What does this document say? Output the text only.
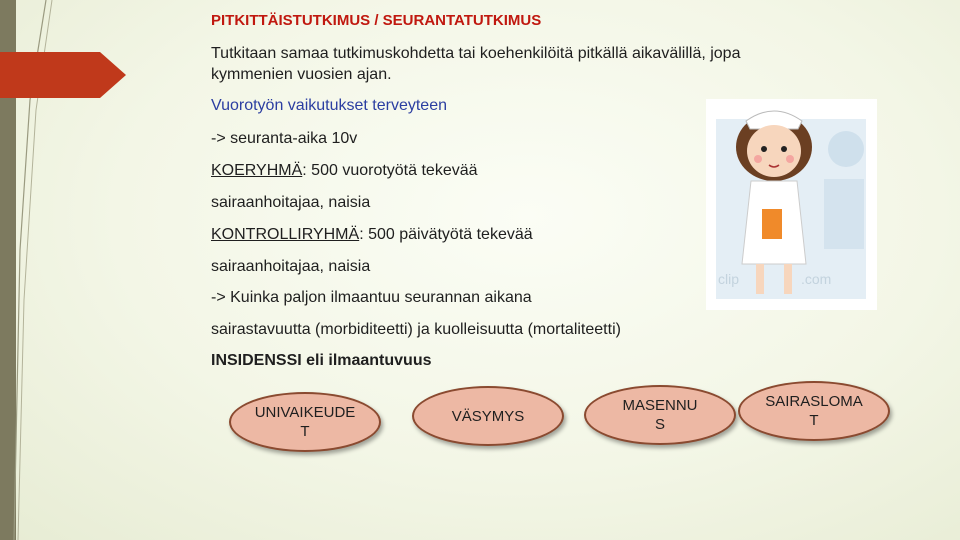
PITKITTÄISTUTKIMUS / SEURANTATUTKIMUS
Tutkitaan samaa tutkimuskohdetta tai koehenkilöitä pitkällä aikavälillä, jopa
kymmenien vuosien ajan.
Vuorotyön vaikutukset terveyteen
-> seuranta-aika 10v
KOERYHMÄ: 500 vuorotyötä tekevää
sairaanhoitajaa, naisia
KONTROLLIRYHMÄ: 500 päivätyötä tekevää
sairaanhoitajaa, naisia
-> Kuinka paljon ilmaantuu seurannan aikana
sairastavuutta (morbiditeetti) ja kuolleisuutta (mortaliteetti)
INSIDENSSI eli ilmaantuvuus
.com
clip
UNIVAIKEUDE
T
VÄSYMYS
MASENNU
S
SAIRASLOMA
T
